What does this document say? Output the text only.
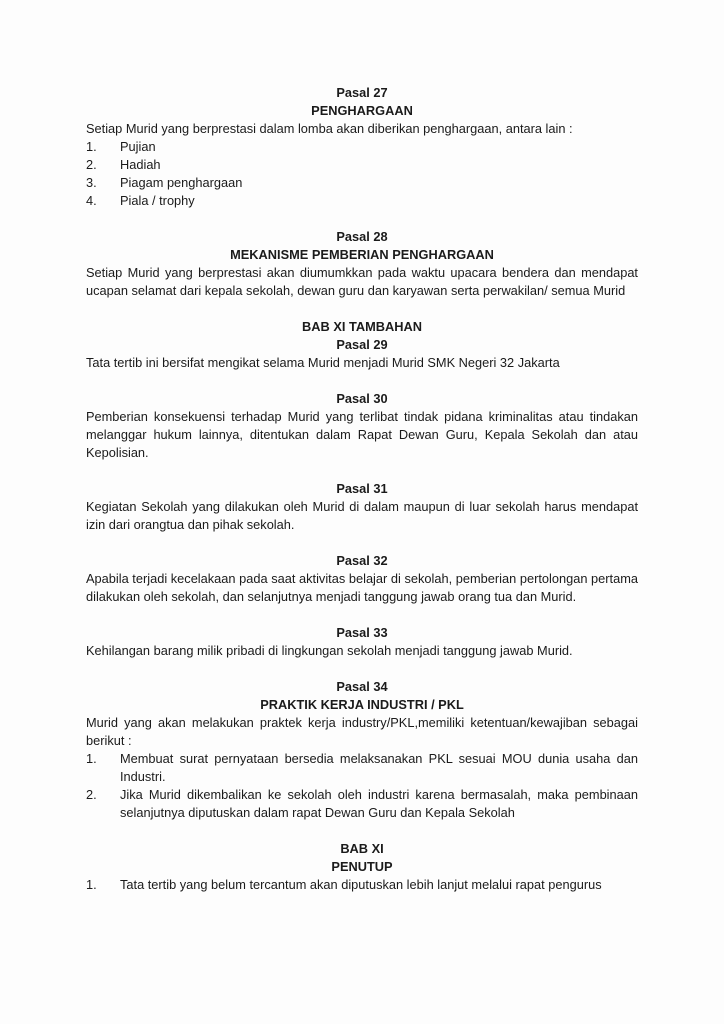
Pasal 27
PENGHARGAAN

Setiap Murid yang berprestasi dalam lomba akan diberikan penghargaan, antara lain :

1.	Pujian
2.	Hadiah
3.	Piagam penghargaan
4.	Piala / trophy
Pasal 28
MEKANISME PEMBERIAN PENGHARGAAN

Setiap Murid yang berprestasi akan diumumkkan pada waktu upacara bendera dan mendapat ucapan selamat dari kepala sekolah, dewan guru dan karyawan serta perwakilan/ semua Murid

BAB XI TAMBAHAN
Pasal 29

Tata tertib ini bersifat mengikat selama Murid menjadi Murid SMK Negeri 32 Jakarta

Pasal 30

Pemberian konsekuensi terhadap Murid yang terlibat tindak pidana kriminalitas atau tindakan melanggar hukum lainnya, ditentukan dalam Rapat Dewan Guru, Kepala Sekolah dan atau Kepolisian.

Pasal 31

Kegiatan Sekolah yang dilakukan oleh Murid di dalam maupun di luar sekolah harus mendapat izin dari orangtua dan pihak sekolah.

Pasal 32

Apabila terjadi kecelakaan pada saat aktivitas belajar di sekolah, pemberian pertolongan pertama dilakukan oleh sekolah, dan selanjutnya menjadi tanggung jawab orang tua dan Murid.

Pasal 33

Kehilangan barang milik pribadi di lingkungan sekolah menjadi tanggung jawab Murid.

Pasal 34
PRAKTIK KERJA INDUSTRI / PKL

Murid yang akan melakukan praktek kerja industry/PKL,memiliki ketentuan/kewajiban sebagai berikut :

1.	Membuat surat pernyataan bersedia melaksanakan PKL sesuai MOU dunia usaha dan Industri.
2.	Jika Murid dikembalikan ke sekolah oleh industri karena bermasalah, maka pembinaan selanjutnya diputuskan dalam rapat Dewan Guru dan Kepala Sekolah
BAB XI
PENUTUP
1.	Tata tertib yang belum tercantum akan diputuskan lebih lanjut melalui rapat pengurus
